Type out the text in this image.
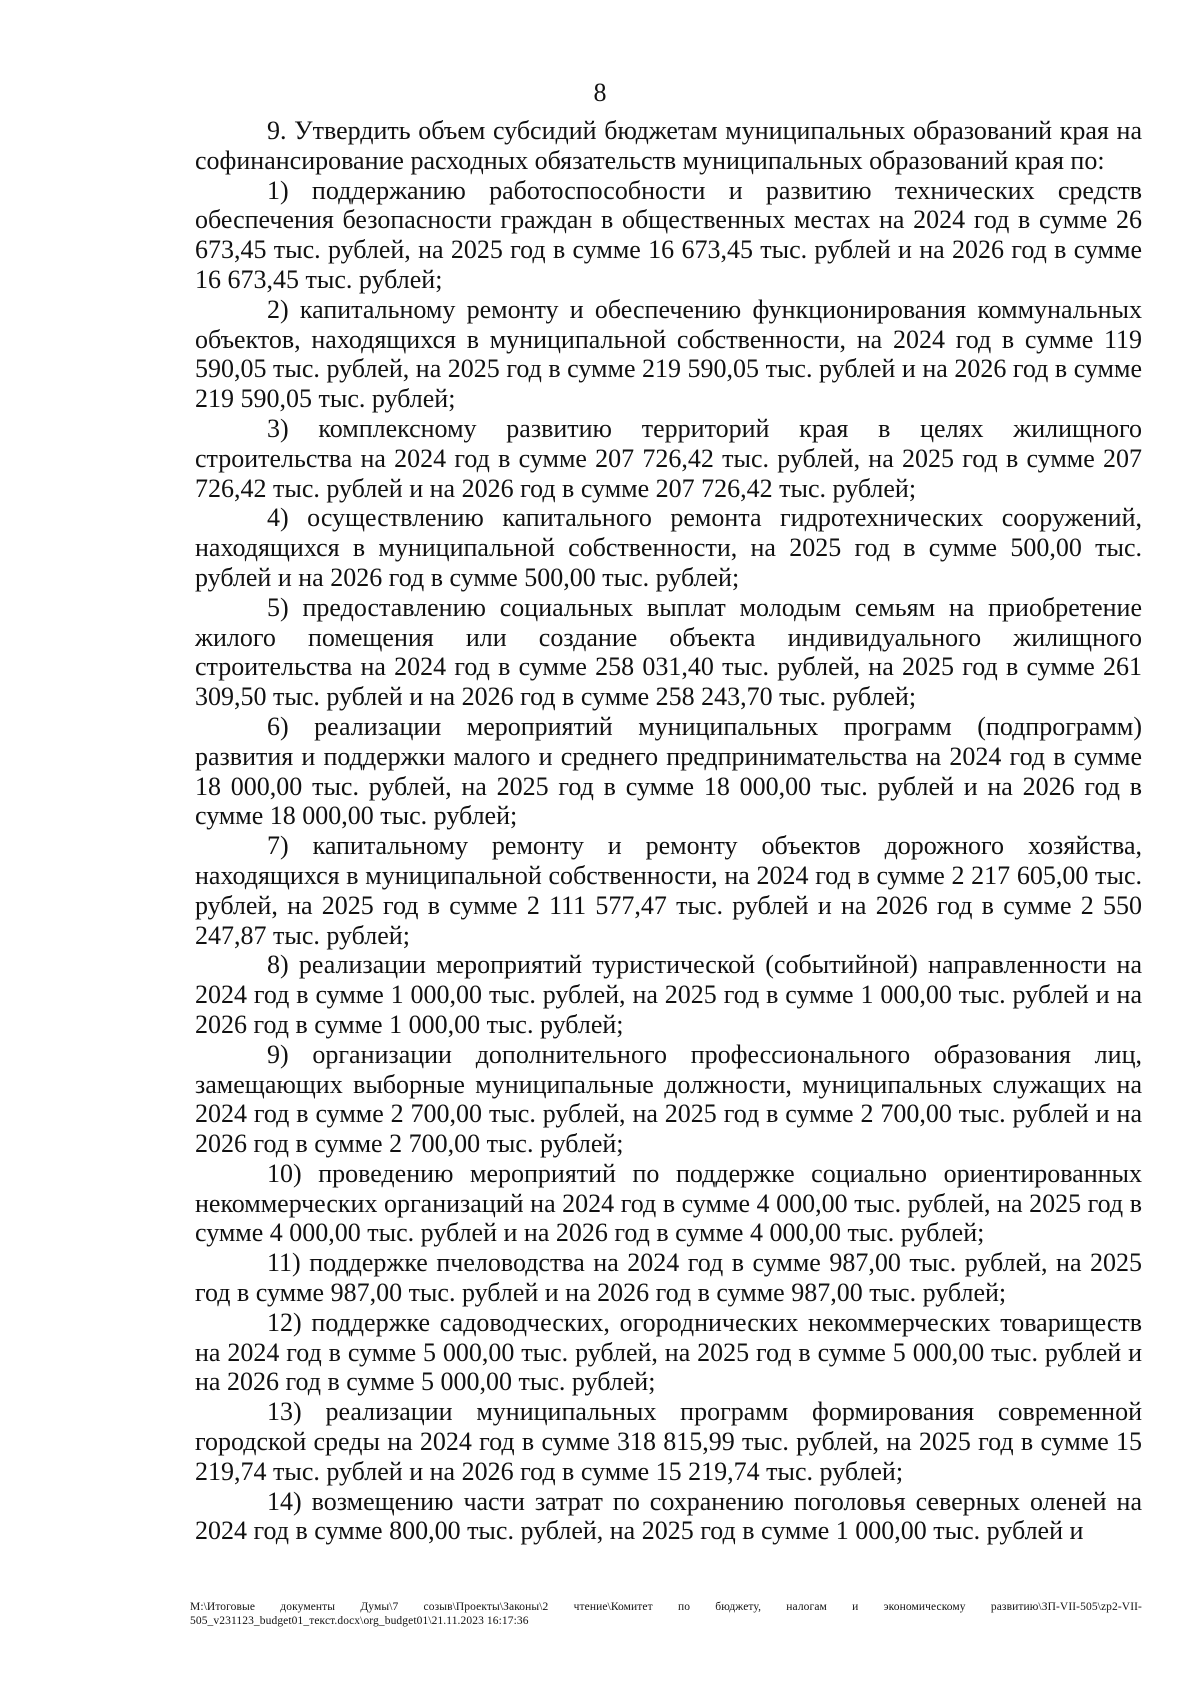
8

9. Утвердить объем субсидий бюджетам муниципальных образований края на софинансирование расходных обязательств муниципальных образований края по:

1) поддержанию работоспособности и развитию технических средств обеспечения безопасности граждан в общественных местах на 2024 год в сумме 26 673,45 тыс. рублей, на 2025 год в сумме 16 673,45 тыс. рублей и на 2026 год в сумме 16 673,45 тыс. рублей;

2) капитальному ремонту и обеспечению функционирования коммунальных объектов, находящихся в муниципальной собственности, на 2024 год в сумме 119 590,05 тыс. рублей, на 2025 год в сумме 219 590,05 тыс. рублей и на 2026 год в сумме 219 590,05 тыс. рублей;

3) комплексному развитию территорий края в целях жилищного строительства на 2024 год в сумме 207 726,42 тыс. рублей, на 2025 год в сумме 207 726,42 тыс. рублей и на 2026 год в сумме 207 726,42 тыс. рублей;

4) осуществлению капитального ремонта гидротехнических сооружений, находящихся в муниципальной собственности, на 2025 год в сумме 500,00 тыс. рублей и на 2026 год в сумме 500,00 тыс. рублей;

5) предоставлению социальных выплат молодым семьям на приобретение жилого помещения или создание объекта индивидуального жилищного строительства на 2024 год в сумме 258 031,40 тыс. рублей, на 2025 год в сумме 261 309,50 тыс. рублей и на 2026 год в сумме 258 243,70 тыс. рублей;

6) реализации мероприятий муниципальных программ (подпрограмм) развития и поддержки малого и среднего предпринимательства на 2024 год в сумме 18 000,00 тыс. рублей, на 2025 год в сумме 18 000,00 тыс. рублей и на 2026 год в сумме 18 000,00 тыс. рублей;

7) капитальному ремонту и ремонту объектов дорожного хозяйства, находящихся в муниципальной собственности, на 2024 год в сумме 2 217 605,00 тыс. рублей, на 2025 год в сумме 2 111 577,47 тыс. рублей и на 2026 год в сумме 2 550 247,87 тыс. рублей;

8) реализации мероприятий туристической (событийной) направленности на 2024 год в сумме 1 000,00 тыс. рублей, на 2025 год в сумме 1 000,00 тыс. рублей и на 2026 год в сумме 1 000,00 тыс. рублей;

9) организации дополнительного профессионального образования лиц, замещающих выборные муниципальные должности, муниципальных служащих на 2024 год в сумме 2 700,00 тыс. рублей, на 2025 год в сумме 2 700,00 тыс. рублей и на 2026 год в сумме 2 700,00 тыс. рублей;

10) проведению мероприятий по поддержке социально ориентированных некоммерческих организаций на 2024 год в сумме 4 000,00 тыс. рублей, на 2025 год в сумме 4 000,00 тыс. рублей и на 2026 год в сумме 4 000,00 тыс. рублей;

11) поддержке пчеловодства на 2024 год в сумме 987,00 тыс. рублей, на 2025 год в сумме 987,00 тыс. рублей и на 2026 год в сумме 987,00 тыс. рублей;

12) поддержке садоводческих, огороднических некоммерческих товариществ на 2024 год в сумме 5 000,00 тыс. рублей, на 2025 год в сумме 5 000,00 тыс. рублей и на 2026 год в сумме 5 000,00 тыс. рублей;

13) реализации муниципальных программ формирования современной городской среды на 2024 год в сумме 318 815,99 тыс. рублей, на 2025 год в сумме 15 219,74 тыс. рублей и на 2026 год в сумме 15 219,74 тыс. рублей;

14) возмещению части затрат по сохранению поголовья северных оленей на 2024 год в сумме 800,00 тыс. рублей, на 2025 год в сумме 1 000,00 тыс. рублей и

M:\Итоговые документы Думы\7 созыв\Проекты\Законы\2 чтение\Комитет по бюджету, налогам и экономическому развитию\ЗП-VII-505\zp2-VII-505_v231123_budget01_текст.docx\org_budget01\21.11.2023 16:17:36
